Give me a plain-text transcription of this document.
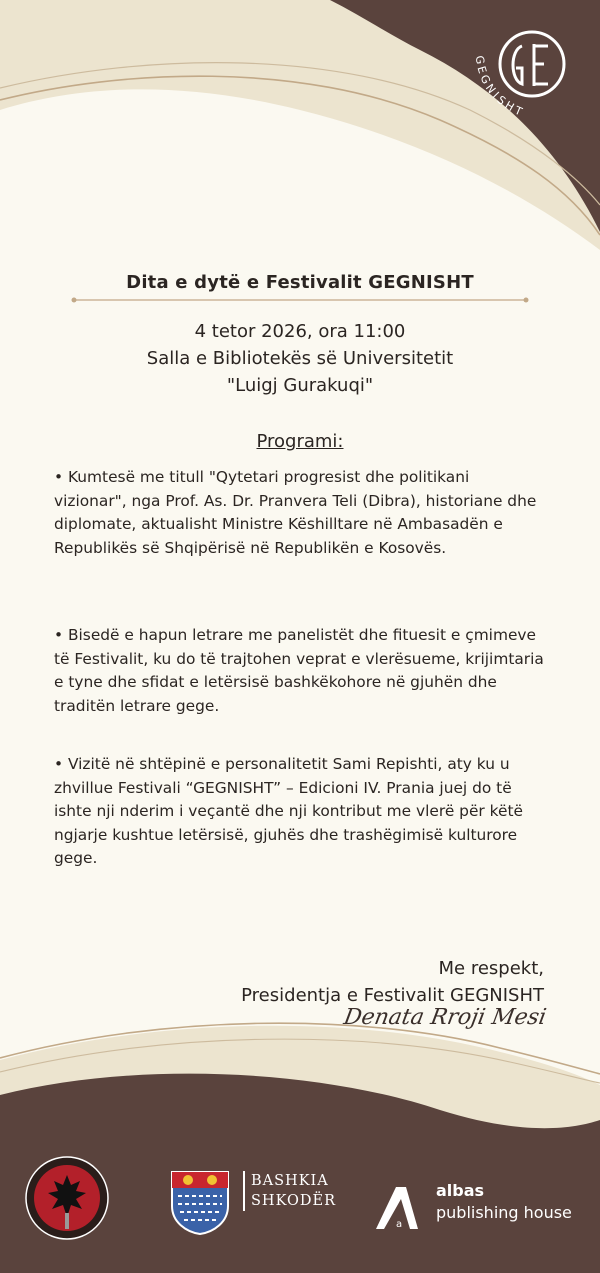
GEGNISHT
Dita e dytë e Festivalit GEGNISHT
4 tetor 2026, ora 11:00
Salla e Bibliotekës së Universitetit
"Luigj Gurakuqi"
Programi:
• Kumtesë me titull "Qytetari progresist dhe politikani vizionar", nga Prof. As. Dr. Pranvera Teli (Dibra), historiane dhe diplomate, aktualisht Ministre Këshilltare në Ambasadën e Republikës së Shqipërisë në Republikën e Kosovës.
• Bisedë e hapun letrare me panelistët dhe fituesit e çmimeve të Festivalit, ku do të trajtohen veprat e vlerësueme, krijimtaria e tyne dhe sfidat e letërsisë bashkëkohore në gjuhën dhe traditën letrare gege.
• Vizitë në shtëpinë e personalitetit Sami Repishti, aty ku u zhvillue Festivali “GEGNISHT” – Edicioni IV. Prania juej do të ishte nji nderim i veçantë dhe nji kontribut me vlerë për këtë ngjarje kushtue letërsisë, gjuhës dhe trashëgimisë kulturore gege.
Me respekt,
Presidentja e Festivalit GEGNISHT
Denata Rroji Mesi
S	BASHKIA
SHKODËR
a
albas
publishing house
